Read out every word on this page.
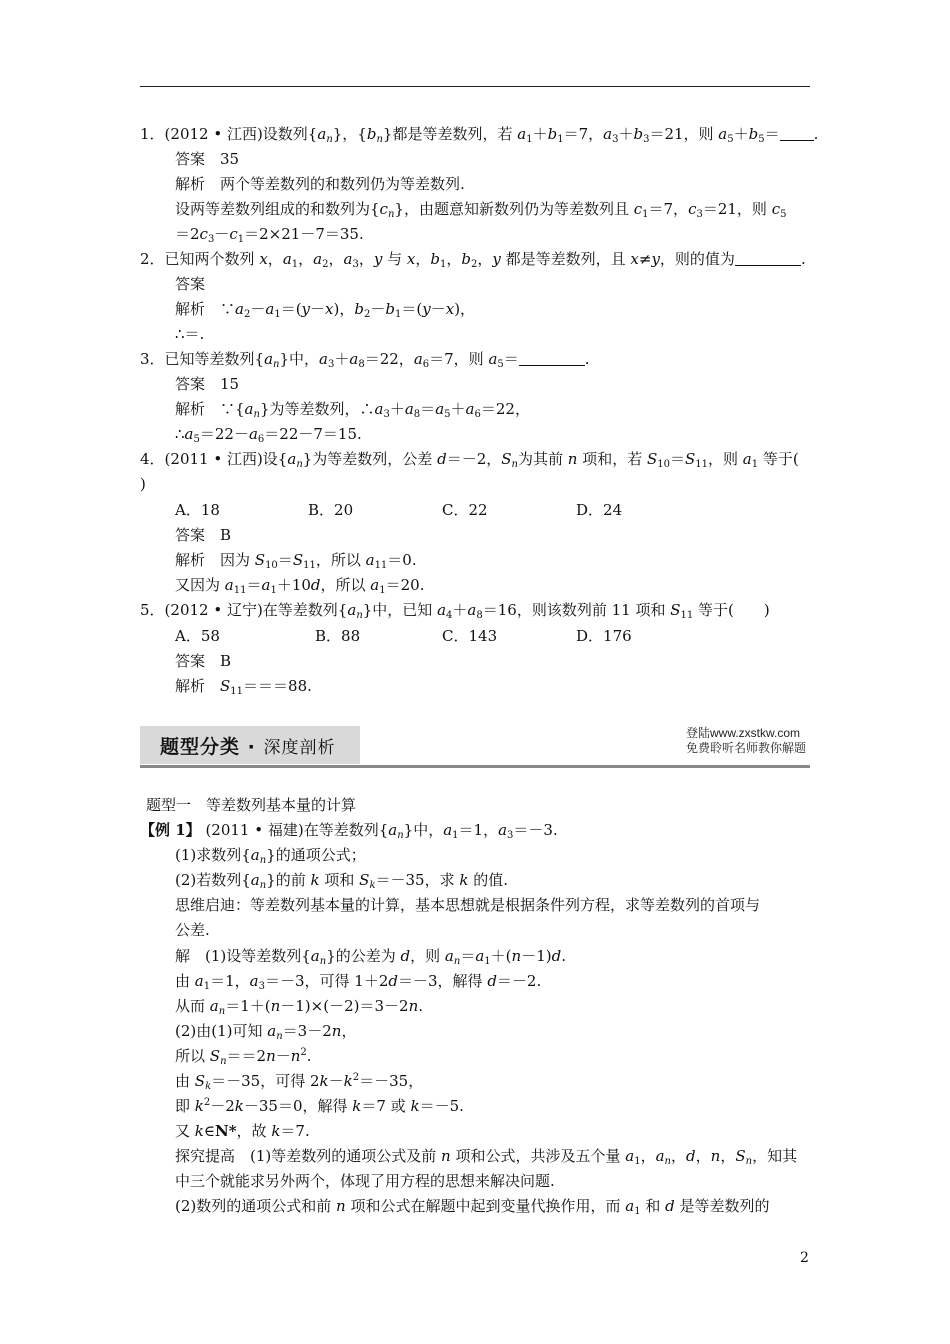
1．(2012 • 江西)设数列$\{a_n\}$，$\{b_n\}$都是等差数列，若 $a_1+b_1=7$，$a_3+b_3=21$，则 $a_5+b_5=$ .
答案　35
解析　两个等差数列的和数列仍为等差数列.
设两等差数列组成的和数列为$\{c_n\}$，由题意知新数列仍为等差数列且 $c_1=7$，$c_3=21$，则 $c_5$
$=2c_3-c_1=2\times 21-7=35$.
2．已知两个数列 x，$a_1$，$a_2$，$a_3$，y 与 x，$b_1$，$b_2$，y 都是等差数列，且 x≠y，则的值为	.
答案
解析　$\because a_2-a_1=(y-x)$，$b_2-b_1=(y-x)$，
∴＝.
3．已知等差数列$\{a_n\}$中，$a_3+a_8=22$，$a_6=7$，则 $a_5=$	.
答案　15
解析　$\because\{a_n\}$为等差数列，$\therefore a_3+a_8=a_5+a_6=22$，
$\therefore a_5=22-a_6=22-7=15$.
4．(2011 • 江西)设$\{a_n\}$为等差数列，公差 d＝－2，$S_n$为其前 n 项和，若 $S_{10}=S_{11}$，则 $a_1$ 等于(
)
A．18	B．20	C．22	D．24
答案　B
解析　因为 $S_{10}=S_{11}$，所以 $a_{11}=0$.
又因为 $a_{11}=a_1+10d$，所以 $a_1=20$.
5．(2012 • 辽宁)在等差数列$\{a_n\}$中，已知 $a_4+a_8=16$，则该数列前 11 项和 $S_{11}$ 等于(　　)
A．58	B．88	C．143	D．176
答案　B
解析　$S_{11}===88$.
题型分类 · 深度剖析
登陆www.zxstkw.com
免费聆听名师教你解题
题型一　等差数列基本量的计算
【例 1】 (2011 • 福建)在等差数列$\{a_n\}$中，$a_1=1$，$a_3=-3$.
(1)求数列$\{a_n\}$的通项公式；
(2)若数列$\{a_n\}$的前 k 项和 $S_k=-35$，求 k 的值.
思维启迪：等差数列基本量的计算，基本思想就是根据条件列方程，求等差数列的首项与
公差.
解　(1)设等差数列$\{a_n\}$的公差为 d，则 $a_n=a_1+(n-1)d$.
由 $a_1=1$，$a_3=-3$，可得 1＋2d＝－3，解得 d＝－2.
从而 $a_n=1+(n-1)\times(-2)=3-2n$.
(2)由(1)可知 $a_n=3-2n$，
所以 $S_n==2n-n^2$.
由 $S_k=-35$，可得 $2k-k^2=-35$，
即 $k^2-2k-35=0$，解得 k＝7 或 k＝－5.
又 k∈N*，故 k＝7.
探究提高　(1)等差数列的通项公式及前 n 项和公式，共涉及五个量 $a_1$，$a_n$，d，n，$S_n$，知其
中三个就能求另外两个，体现了用方程的思想来解决问题.
(2)数列的通项公式和前 n 项和公式在解题中起到变量代换作用，而 $a_1$ 和 d 是等差数列的
2
